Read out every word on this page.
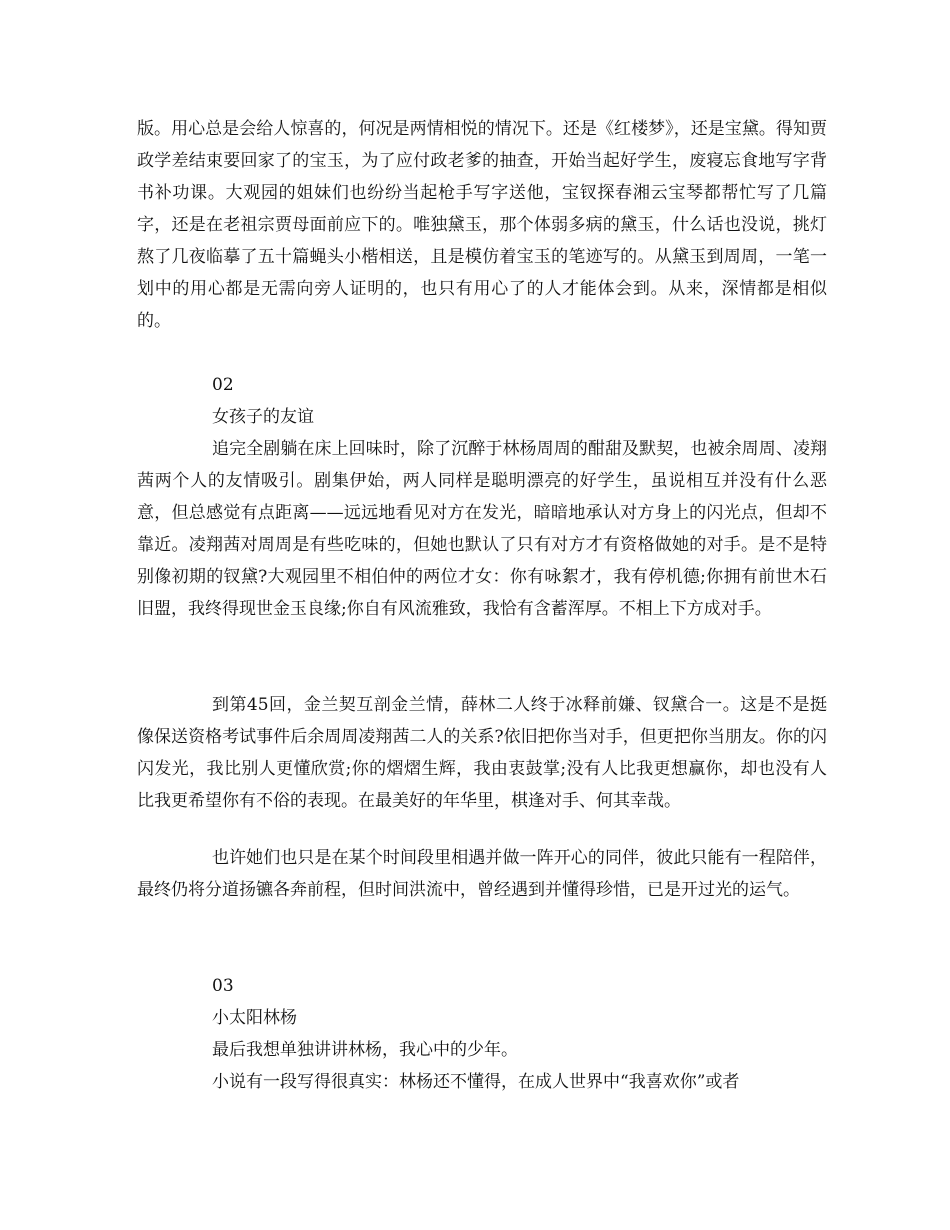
版。用心总是会给人惊喜的，何况是两情相悦的情况下。还是《红楼梦》，还是宝黛。得知贾政学差结束要回家了的宝玉，为了应付政老爹的抽查，开始当起好学生，废寝忘食地写字背书补功课。大观园的姐妹们也纷纷当起枪手写字送他，宝钗探春湘云宝琴都帮忙写了几篇字，还是在老祖宗贾母面前应下的。唯独黛玉，那个体弱多病的黛玉，什么话也没说，挑灯熬了几夜临摹了五十篇蝇头小楷相送，且是模仿着宝玉的笔迹写的。从黛玉到周周，一笔一划中的用心都是无需向旁人证明的，也只有用心了的人才能体会到。从来，深情都是相似的。

02

女孩子的友谊

追完全剧躺在床上回味时，除了沉醉于林杨周周的酣甜及默契，也被余周周、凌翔茜两个人的友情吸引。剧集伊始，两人同样是聪明漂亮的好学生，虽说相互并没有什么恶意，但总感觉有点距离——远远地看见对方在发光，暗暗地承认对方身上的闪光点，但却不靠近。凌翔茜对周周是有些吃味的，但她也默认了只有对方才有资格做她的对手。是不是特别像初期的钗黛?大观园里不相伯仲的两位才女：你有咏絮才，我有停机德;你拥有前世木石旧盟，我终得现世金玉良缘;你自有风流雅致，我恰有含蓄浑厚。不相上下方成对手。

到第45回，金兰契互剖金兰情，薛林二人终于冰释前嫌、钗黛合一。这是不是挺像保送资格考试事件后余周周凌翔茜二人的关系?依旧把你当对手，但更把你当朋友。你的闪闪发光，我比别人更懂欣赏;你的熠熠生辉，我由衷鼓掌;没有人比我更想赢你，却也没有人比我更希望你有不俗的表现。在最美好的年华里，棋逢对手、何其幸哉。

也许她们也只是在某个时间段里相遇并做一阵开心的同伴，彼此只能有一程陪伴，最终仍将分道扬镳各奔前程，但时间洪流中，曾经遇到并懂得珍惜，已是开过光的运气。

03

小太阳林杨

最后我想单独讲讲林杨，我心中的少年。

小说有一段写得很真实：林杨还不懂得，在成人世界中“我喜欢你”或者
